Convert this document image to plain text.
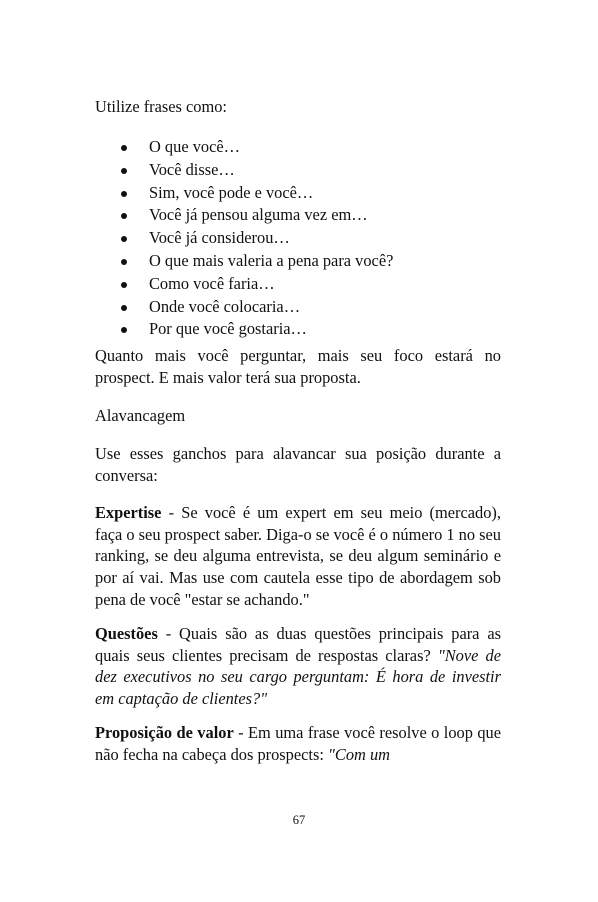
Utilize frases como:

O que você…
Você disse…
Sim, você pode e você…
Você já pensou alguma vez em…
Você já considerou…
O que mais valeria a pena para você?
Como você faria…
Onde você colocaria…
Por que você gostaria…

Quanto mais você perguntar, mais seu foco estará no prospect. E mais valor terá sua proposta.

Alavancagem

Use esses ganchos para alavancar sua posição durante a conversa:

Expertise - Se você é um expert em seu meio (mercado), faça o seu prospect saber. Diga-o se você é o número 1 no seu ranking, se deu alguma entrevista, se deu algum seminário e por aí vai. Mas use com cautela esse tipo de abordagem sob pena de você "estar se achando."

Questões - Quais são as duas questões principais para as quais seus clientes precisam de respostas claras? "Nove de dez executivos no seu cargo perguntam: É hora de investir em captação de clientes?"

Proposição de valor - Em uma frase você resolve o loop que não fecha na cabeça dos prospects: "Com um

67
